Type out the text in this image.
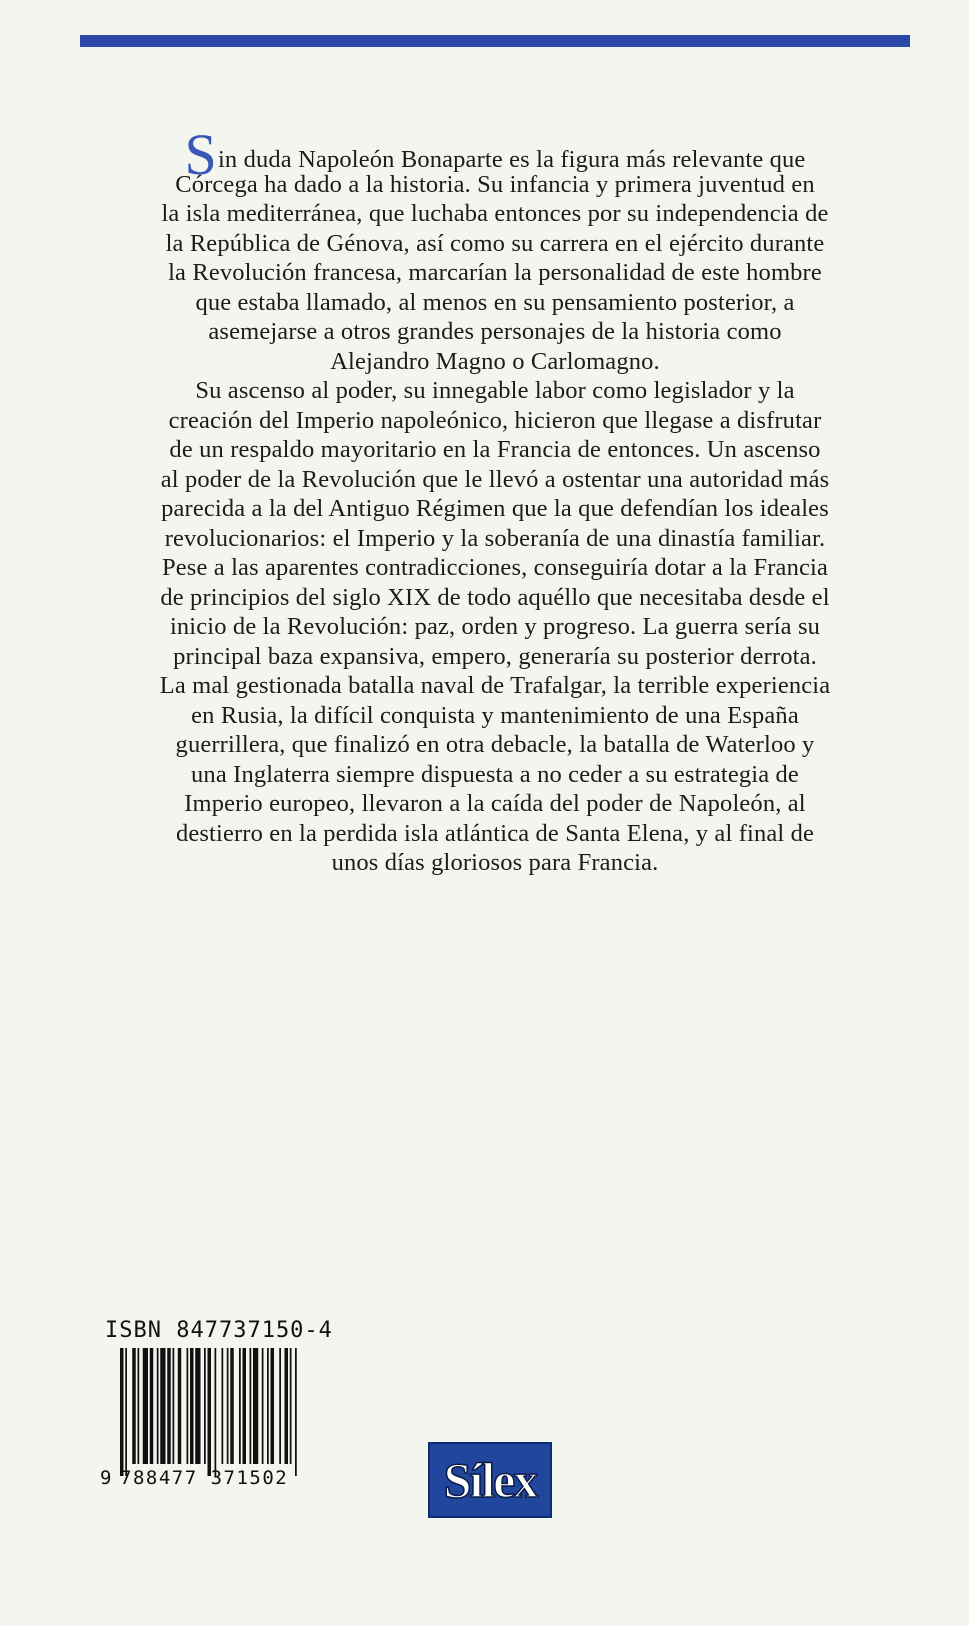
Sin duda Napoleón Bonaparte es la figura más relevante que
Córcega ha dado a la historia. Su infancia y primera juventud en
la isla mediterránea, que luchaba entonces por su independencia de
la República de Génova, así como su carrera en el ejército durante
la Revolución francesa, marcarían la personalidad de este hombre
que estaba llamado, al menos en su pensamiento posterior, a
asemejarse a otros grandes personajes de la historia como
Alejandro Magno o Carlomagno.
Su ascenso al poder, su innegable labor como legislador y la
creación del Imperio napoleónico, hicieron que llegase a disfrutar
de un respaldo mayoritario en la Francia de entonces. Un ascenso
al poder de la Revolución que le llevó a ostentar una autoridad más
parecida a la del Antiguo Régimen que la que defendían los ideales
revolucionarios: el Imperio y la soberanía de una dinastía familiar.
Pese a las aparentes contradicciones, conseguiría dotar a la Francia
de principios del siglo XIX de todo aquéllo que necesitaba desde el
inicio de la Revolución: paz, orden y progreso. La guerra sería su
principal baza expansiva, empero, generaría su posterior derrota.
La mal gestionada batalla naval de Trafalgar, la terrible experiencia
en Rusia, la difícil conquista y mantenimiento de una España
guerrillera, que finalizó en otra debacle, la batalla de Waterloo y
una Inglaterra siempre dispuesta a no ceder a su estrategia de
Imperio europeo, llevaron a la caída del poder de Napoleón, al
destierro en la perdida isla atlántica de Santa Elena, y al final de
unos días gloriosos para Francia.
ISBN 847737150-4
9 788477 371502	Sílex
